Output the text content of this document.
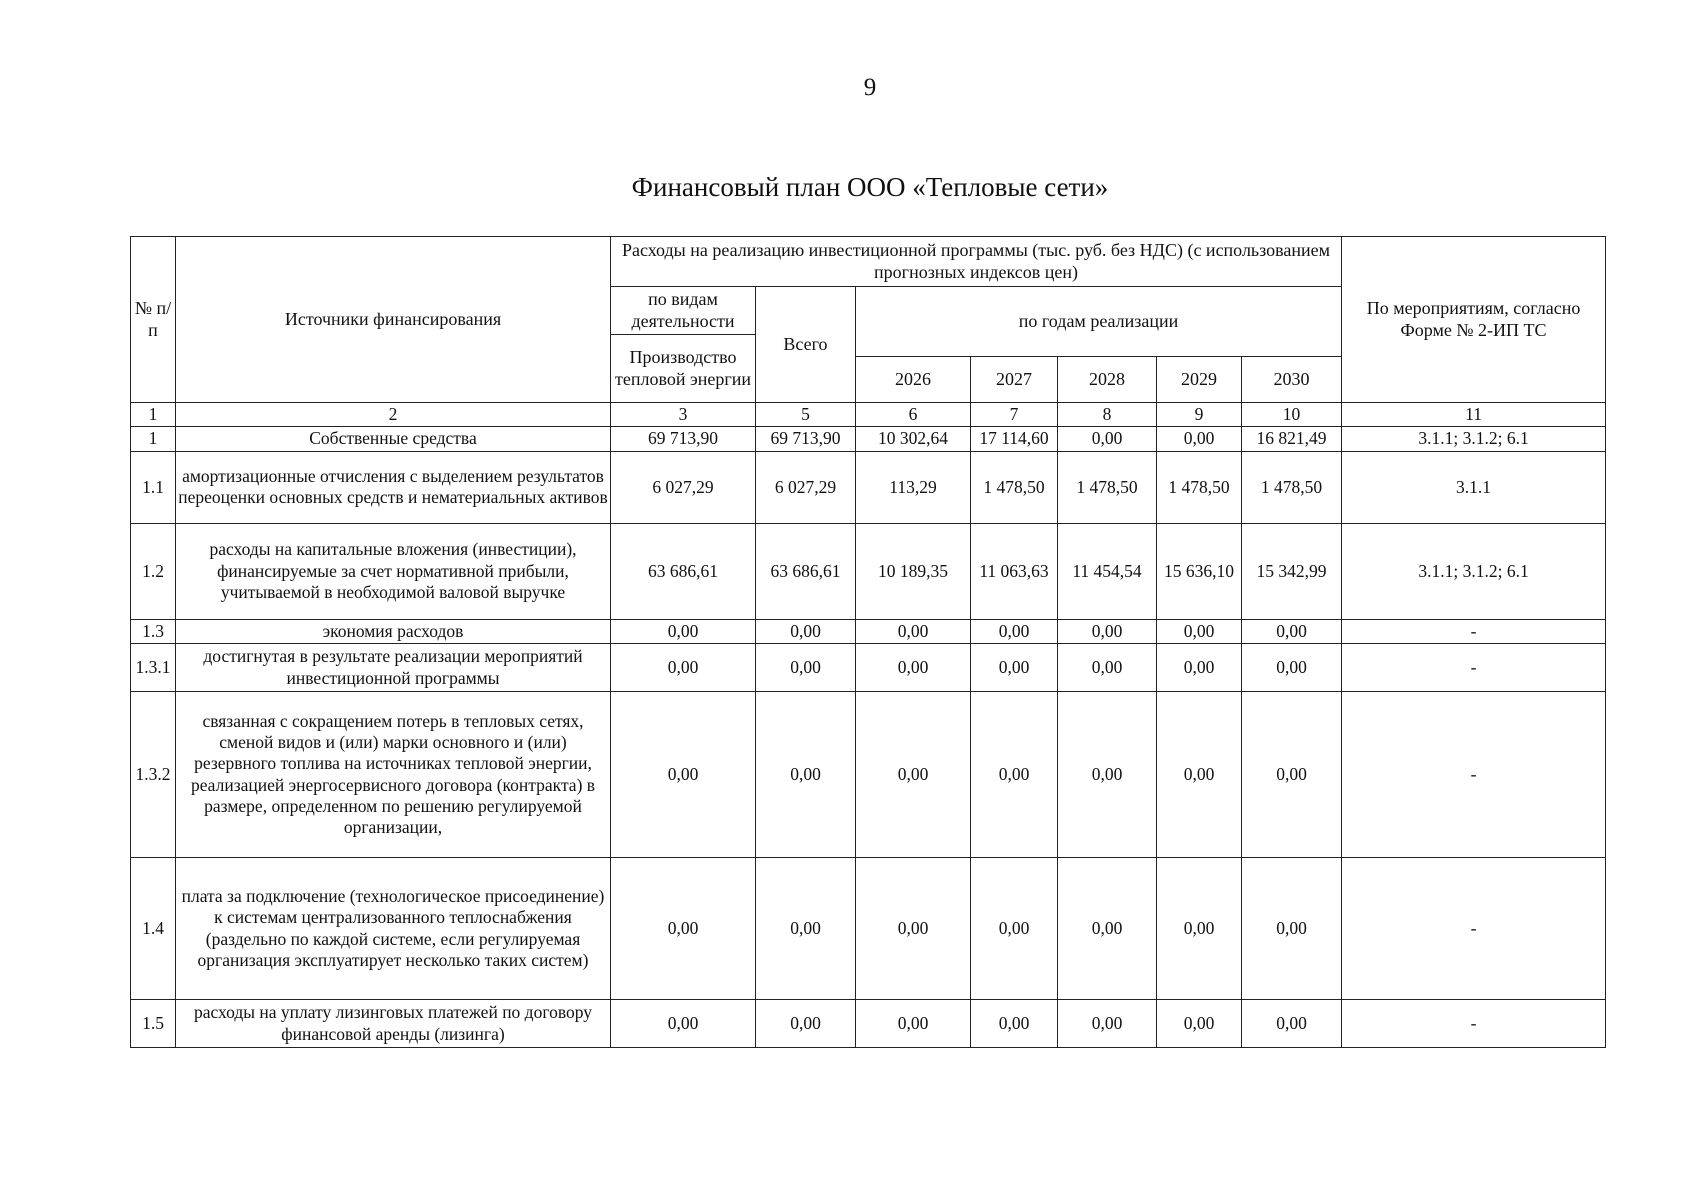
9
Финансовый план ООО «Тепловые сети»
№ п/п	Источники финансирования	Расходы на реализацию инвестиционной программы (тыс. руб. без НДС) (с использованием прогнозных индексов цен)							По мероприятиям, согласно Форме № 2-ИП ТС
		по видам деятельности	Всего	по годам реализации					
		Производство тепловой энергии							
				2026	2027	2028	2029	2030	
1	2	3	5	6	7	8	9	10	11
1	Собственные средства	69 713,90	69 713,90	10 302,64	17 114,60	0,00	0,00	16 821,49	3.1.1; 3.1.2; 6.1
1.1	амортизационные отчисления с выделением результатов переоценки основных средств и нематериальных активов	6 027,29	6 027,29	113,29	1 478,50	1 478,50	1 478,50	1 478,50	3.1.1
1.2	расходы на капитальные вложения (инвестиции), финансируемые за счет нормативной прибыли, учитываемой в необходимой валовой выручке	63 686,61	63 686,61	10 189,35	11 063,63	11 454,54	15 636,10	15 342,99	3.1.1; 3.1.2; 6.1
1.3	экономия расходов	0,00	0,00	0,00	0,00	0,00	0,00	0,00	-
1.3.1	достигнутая в результате реализации мероприятий инвестиционной программы	0,00	0,00	0,00	0,00	0,00	0,00	0,00	-
1.3.2	связанная с сокращением потерь в тепловых сетях, сменой видов и (или) марки основного и (или) резервного топлива на источниках тепловой энергии, реализацией энергосервисного договора (контракта) в размере, определенном по решению регулируемой организации,	0,00	0,00	0,00	0,00	0,00	0,00	0,00	-
1.4	плата за подключение (технологическое присоединение) к системам централизованного теплоснабжения (раздельно по каждой системе, если регулируемая организация эксплуатирует несколько таких систем)	0,00	0,00	0,00	0,00	0,00	0,00	0,00	-
1.5	расходы на уплату лизинговых платежей по договору финансовой аренды (лизинга)	0,00	0,00	0,00	0,00	0,00	0,00	0,00	-
